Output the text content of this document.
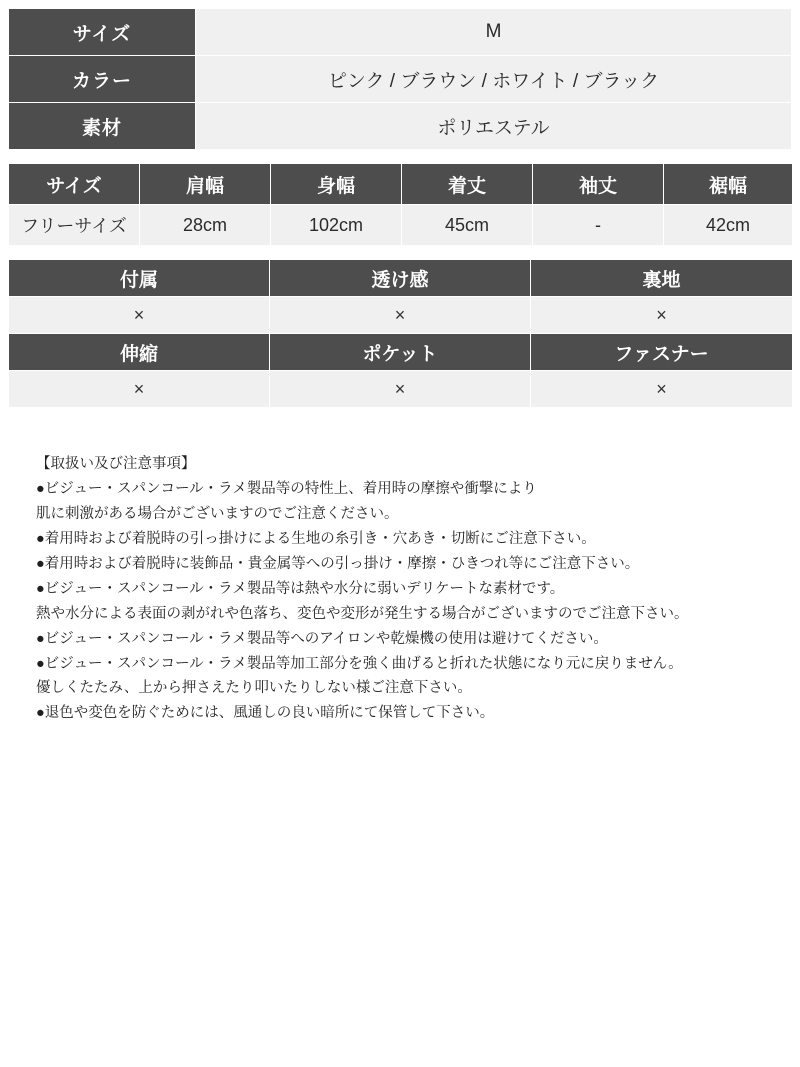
サイズ	M
カラー	ピンク / ブラウン / ホワイト / ブラック
素材	ポリエステル
サイズ	肩幅	身幅	着丈	袖丈	裾幅
フリーサイズ	28cm	102cm	45cm	-	42cm
付属	透け感	裏地
×	×	×
伸縮	ポケット	ファスナー
×	×	×
【取扱い及び注意事項】
●ビジュー・スパンコール・ラメ製品等の特性上、着用時の摩擦や衝撃により
肌に刺激がある場合がございますのでご注意ください。
●着用時および着脱時の引っ掛けによる生地の糸引き・穴あき・切断にご注意下さい。
●着用時および着脱時に装飾品・貴金属等への引っ掛け・摩擦・ひきつれ等にご注意下さい。
●ビジュー・スパンコール・ラメ製品等は熱や水分に弱いデリケートな素材です。
熱や水分による表面の剥がれや色落ち、変色や変形が発生する場合がございますのでご注意下さい。
●ビジュー・スパンコール・ラメ製品等へのアイロンや乾燥機の使用は避けてください。
●ビジュー・スパンコール・ラメ製品等加工部分を強く曲げると折れた状態になり元に戻りません。
優しくたたみ、上から押さえたり叩いたりしない様ご注意下さい。
●退色や変色を防ぐためには、風通しの良い暗所にて保管して下さい。
